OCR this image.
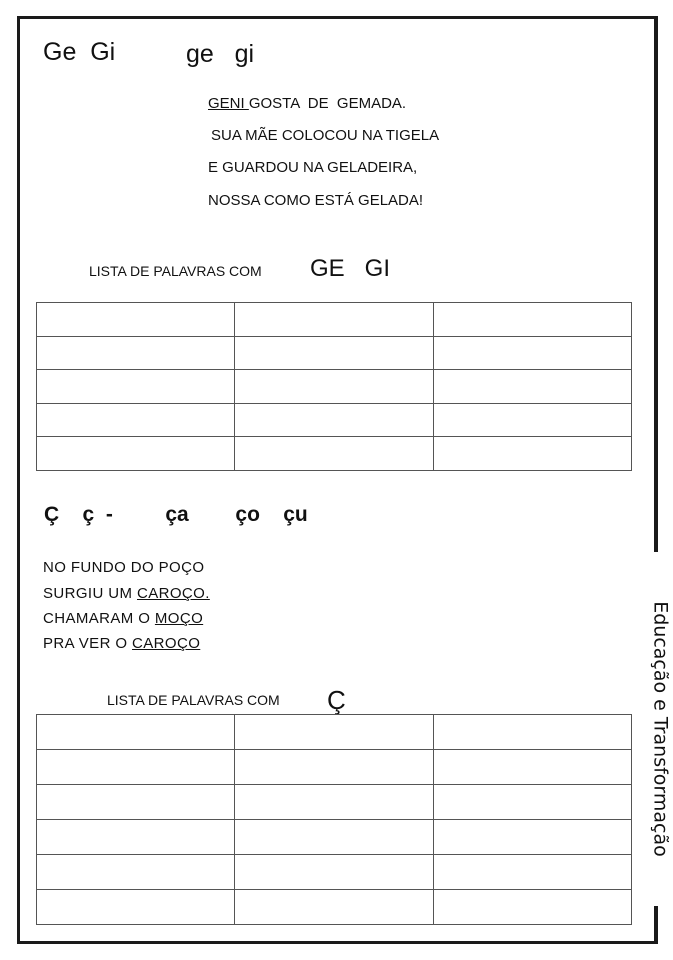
Ge  Gi	ge   gi
GENI GOSTA  DE  GEMADA.
SUA MÃE COLOCOU NA TIGELA
E GUARDOU NA GELADEIRA,
NOSSA COMO ESTÁ GELADA!
LISTA DE PALAVRAS COM GE   GI

Ç    ç  -         ça        ço    çu
NO FUNDO DO POÇO
SURGIU UM CAROÇO.
CHAMARAM O MOÇO
PRA VER O CAROÇO
LISTA DE PALAVRAS COM Ç

			Educação e Transformação
